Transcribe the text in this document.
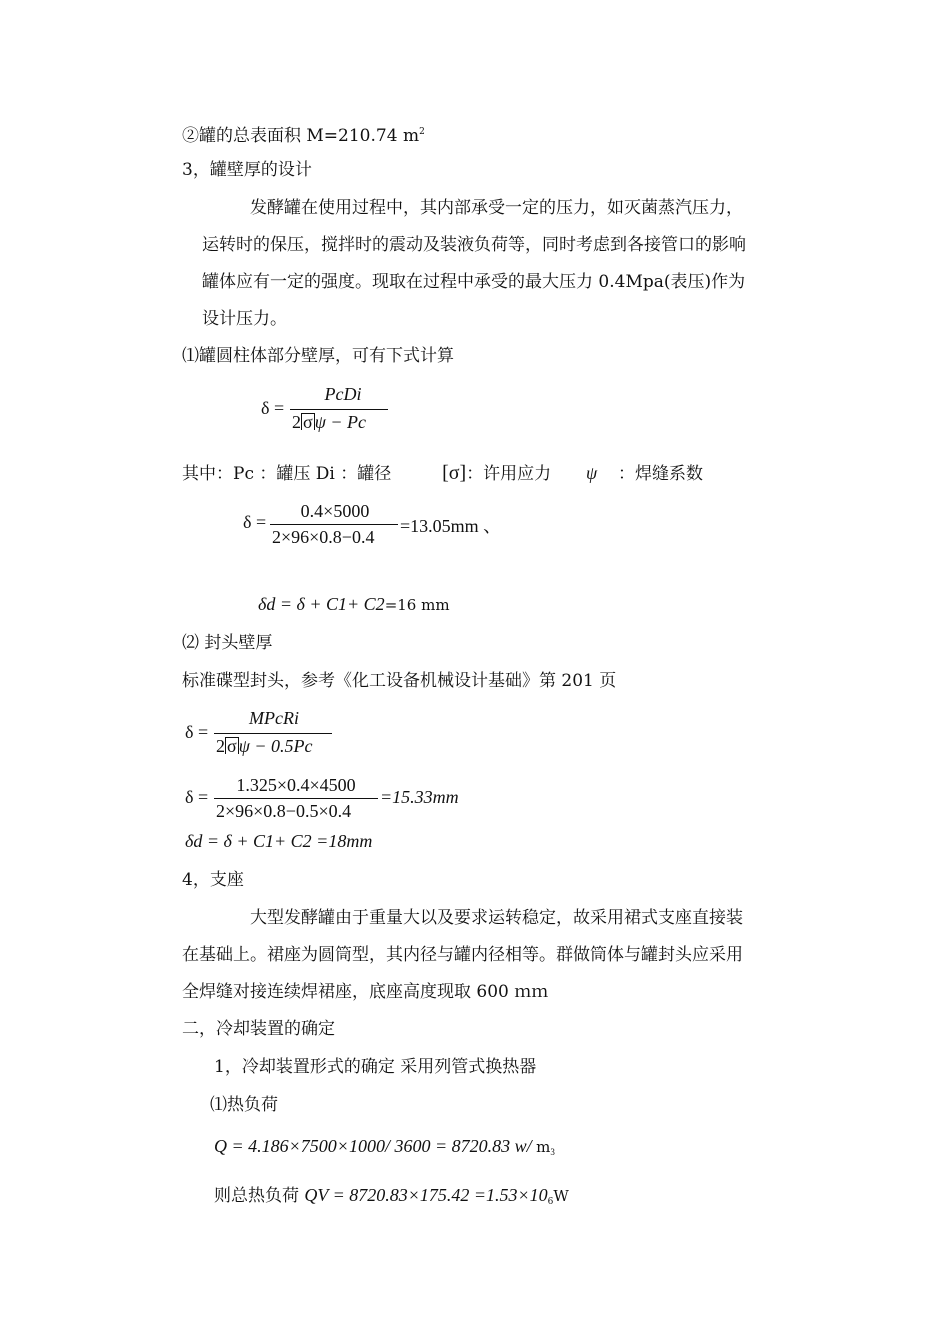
②罐的总表面积 M=210.74 $m^2$
3，罐壁厚的设计
发酵罐在使用过程中，其内部承受一定的压力，如灭菌蒸汽压力，
运转时的保压，搅拌时的震动及装液负荷等，同时考虑到各接管口的影响
罐体应有一定的强度。现取在过程中承受的最大压力 0.4Mpa(表压)作为
设计压力。
⑴罐圆柱体部分壁厚，可有下式计算
δ =
PcDi
2 σ ψ − Pc
其中：Pc ：罐压 Di ：罐径	[σ]：许用应力 ψ ：焊缝系数
δ =
0.4×5000
2×96×0.8−0.4
=13.05mm 、
δd = δ + C1+ C2=16 mm
⑵ 封头壁厚
标准碟型封头，参考《化工设备机械设计基础》第 201 页
δ =
MPcRi
2 σ ψ − 0.5Pc
δ =
1.325×0.4×4500
2×96×0.8−0.5×0.4
=15.33mm
δd = δ + C1+ C2 =18mm
4，支座
大型发酵罐由于重量大以及要求运转稳定，故采用裙式支座直接装
在基础上。裙座为圆筒型，其内径与罐内径相等。群做筒体与罐封头应采用
全焊缝对接连续焊裙座，底座高度现取 600 ｍｍ
二，冷却装置的确定
1，冷却装置形式的确定 采用列管式换热器
⑴热负荷
Q = 4.186×7500×1000/ 3600 = 8720.83 w/ $m_3$
则总热负荷 QV = $8720.83\times 175.42 =1.53\times 10_6W$
